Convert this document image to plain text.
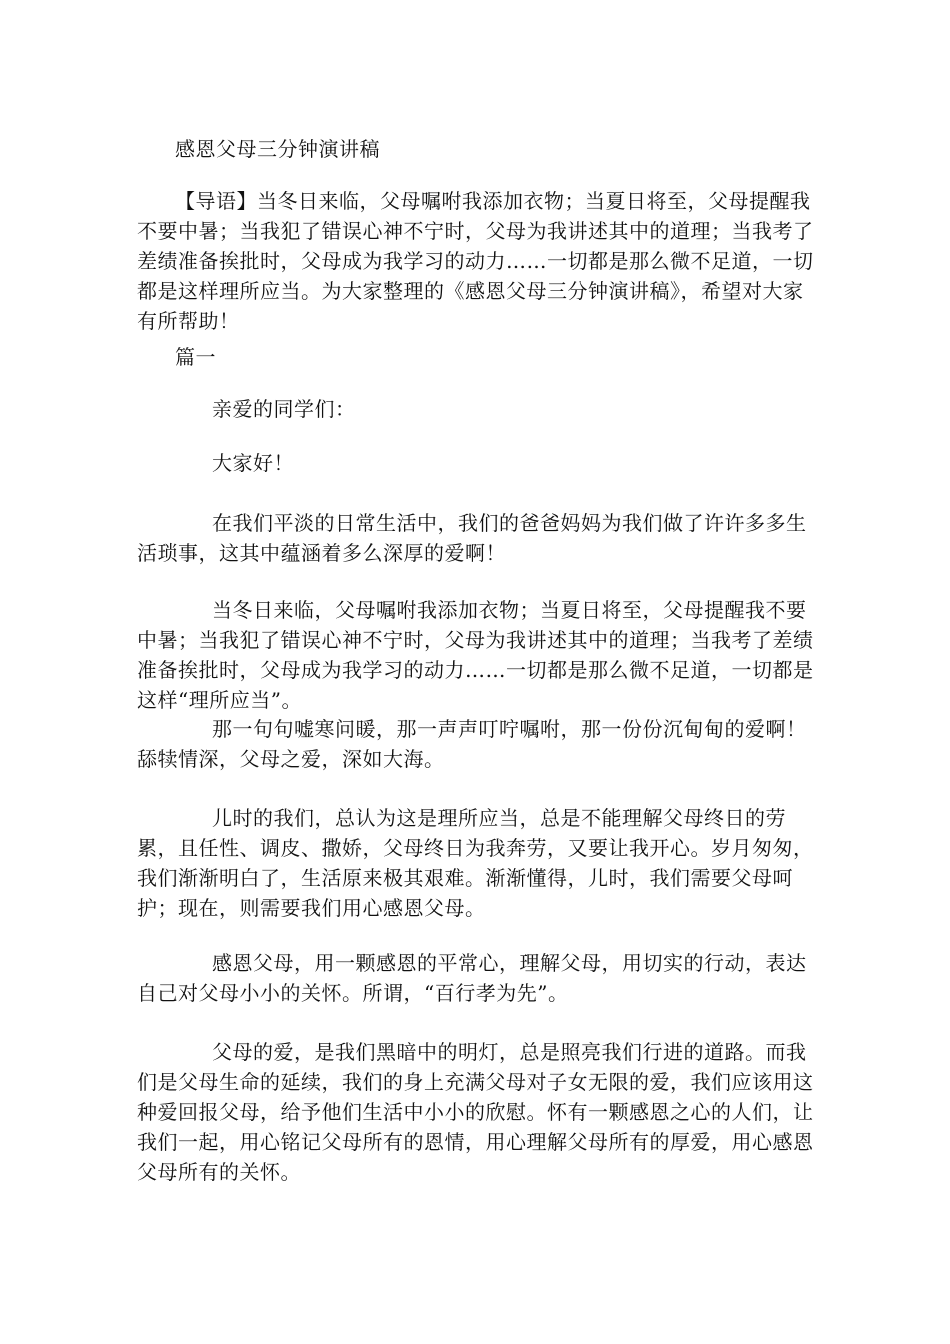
感恩父母三分钟演讲稿
【导语】当冬日来临，父母嘱咐我添加衣物；当夏日将至，父母提醒我不要中暑；当我犯了错误心神不宁时，父母为我讲述其中的道理；当我考了差绩准备挨批时，父母成为我学习的动力……一切都是那么微不足道，一切都是这样理所应当。为大家整理的《感恩父母三分钟演讲稿》，希望对大家有所帮助！
篇一
亲爱的同学们：
大家好！
在我们平淡的日常生活中，我们的爸爸妈妈为我们做了许许多多生活琐事，这其中蕴涵着多么深厚的爱啊！
当冬日来临，父母嘱咐我添加衣物；当夏日将至，父母提醒我不要中暑；当我犯了错误心神不宁时，父母为我讲述其中的道理；当我考了差绩准备挨批时，父母成为我学习的动力……一切都是那么微不足道，一切都是这样“理所应当”。
那一句句嘘寒问暖，那一声声叮咛嘱咐，那一份份沉甸甸的爱啊！舔犊情深，父母之爱，深如大海。
儿时的我们，总认为这是理所应当，总是不能理解父母终日的劳累，且任性、调皮、撒娇，父母终日为我奔劳，又要让我开心。岁月匆匆，我们渐渐明白了，生活原来极其艰难。渐渐懂得，儿时，我们需要父母呵护；现在，则需要我们用心感恩父母。
感恩父母，用一颗感恩的平常心，理解父母，用切实的行动，表达自己对父母小小的关怀。所谓，“百行孝为先”。
父母的爱，是我们黑暗中的明灯，总是照亮我们行进的道路。而我们是父母生命的延续，我们的身上充满父母对子女无限的爱，我们应该用这种爱回报父母，给予他们生活中小小的欣慰。怀有一颗感恩之心的人们，让我们一起，用心铭记父母所有的恩情，用心理解父母所有的厚爱，用心感恩父母所有的关怀。
